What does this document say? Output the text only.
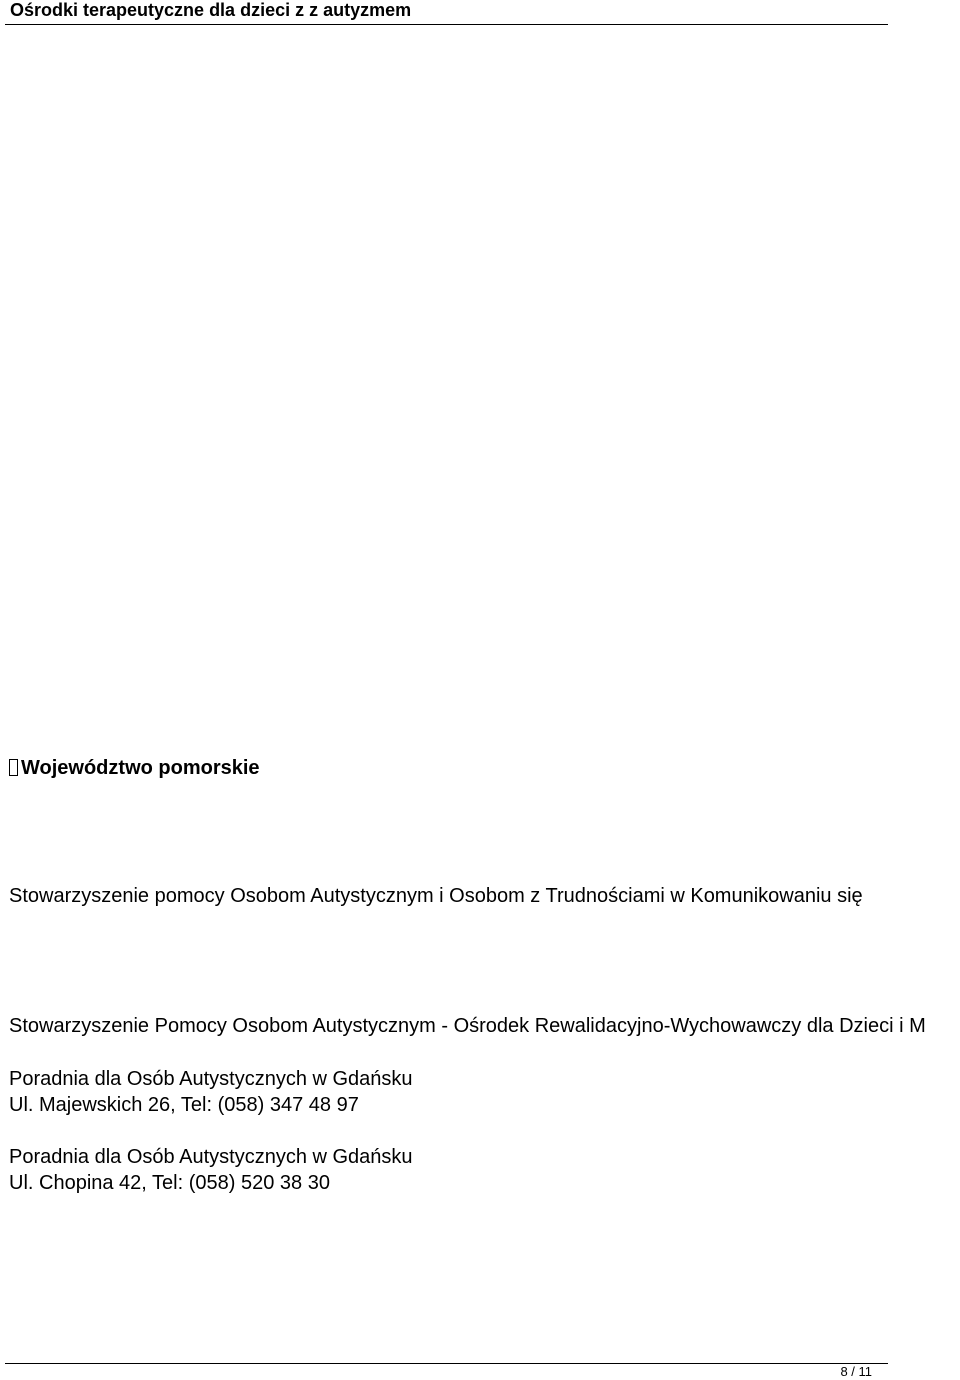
Ośrodki terapeutyczne dla dzieci z z autyzmem
Województwo pomorskie
Stowarzyszenie pomocy Osobom Autystycznym i Osobom z Trudnościami w Komunikowaniu się
Stowarzyszenie Pomocy Osobom Autystycznym - Ośrodek Rewalidacyjno-Wychowawczy dla Dzieci i M
Poradnia dla Osób Autystycznych w Gdańsku
Ul. Majewskich 26, Tel: (058) 347 48 97
Poradnia dla Osób Autystycznych w Gdańsku
Ul. Chopina 42, Tel: (058) 520 38 30
8 / 11
